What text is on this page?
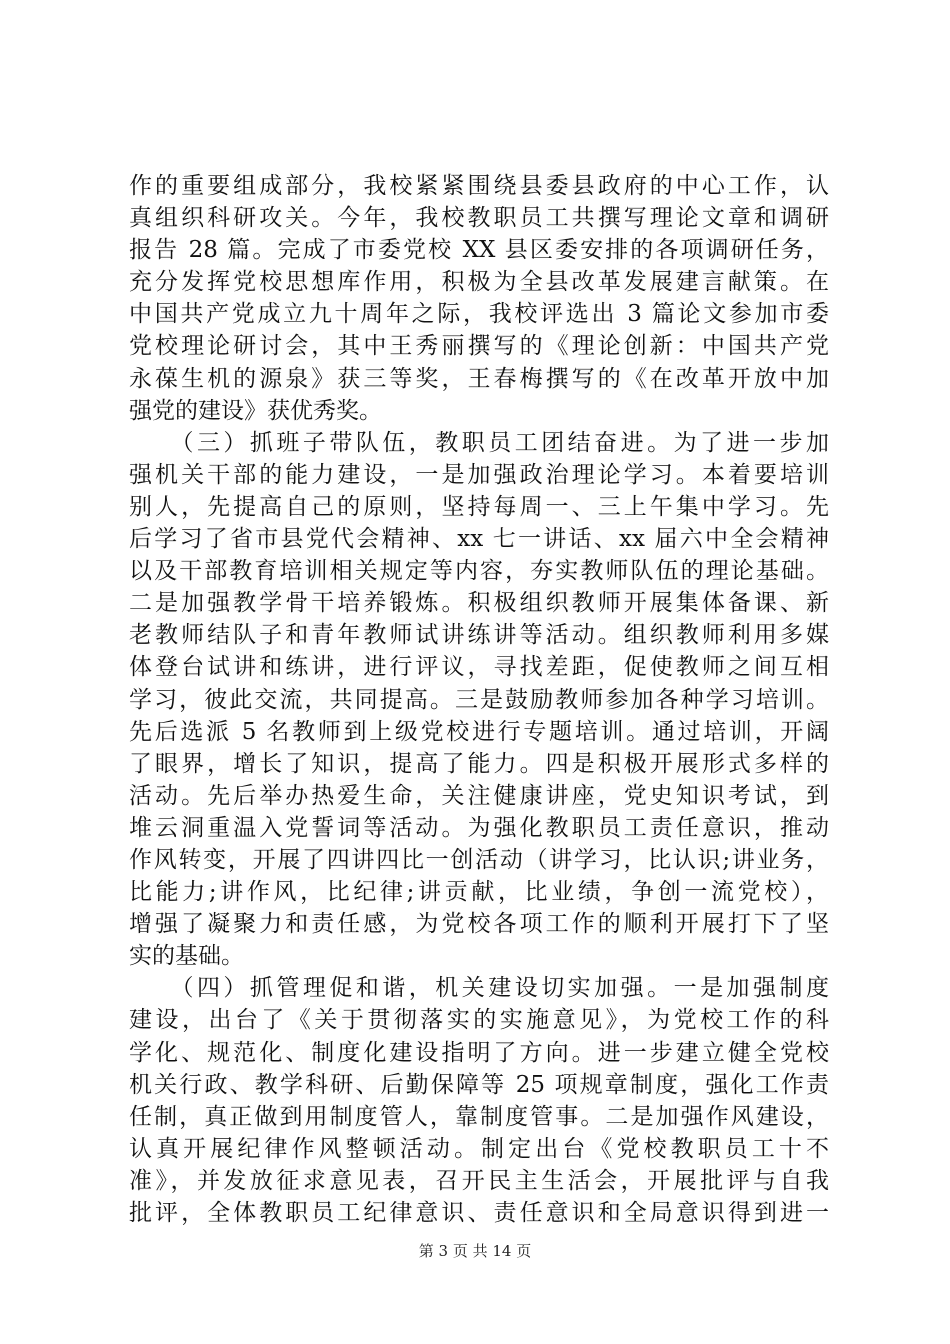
作的重要组成部分，我校紧紧围绕县委县政府的中心工作，认
真组织科研攻关。今年，我校教职员工共撰写理论文章和调研
报告 28 篇。完成了市委党校 XX 县区委安排的各项调研任务，
充分发挥党校思想库作用，积极为全县改革发展建言献策。在
中国共产党成立九十周年之际，我校评选出 3 篇论文参加市委
党校理论研讨会，其中王秀丽撰写的《理论创新：中国共产党
永葆生机的源泉》获三等奖，王春梅撰写的《在改革开放中加
强党的建设》获优秀奖。
　　（三）抓班子带队伍，教职员工团结奋进。为了进一步加
强机关干部的能力建设，一是加强政治理论学习。本着要培训
别人，先提高自己的原则，坚持每周一、三上午集中学习。先
后学习了省市县党代会精神、xx 七一讲话、xx 届六中全会精神
以及干部教育培训相关规定等内容，夯实教师队伍的理论基础。
二是加强教学骨干培养锻炼。积极组织教师开展集体备课、新
老教师结队子和青年教师试讲练讲等活动。组织教师利用多媒
体登台试讲和练讲，进行评议，寻找差距，促使教师之间互相
学习，彼此交流，共同提高。三是鼓励教师参加各种学习培训。
先后选派 5 名教师到上级党校进行专题培训。通过培训，开阔
了眼界，增长了知识，提高了能力。四是积极开展形式多样的
活动。先后举办热爱生命，关注健康讲座，党史知识考试，到
堆云洞重温入党誓词等活动。为强化教职员工责任意识，推动
作风转变，开展了四讲四比一创活动（讲学习，比认识;讲业务，
比能力;讲作风，比纪律;讲贡献，比业绩，争创一流党校），
增强了凝聚力和责任感，为党校各项工作的顺利开展打下了坚
实的基础。
　　（四）抓管理促和谐，机关建设切实加强。一是加强制度
建设，出台了《关于贯彻落实的实施意见》，为党校工作的科
学化、规范化、制度化建设指明了方向。进一步建立健全党校
机关行政、教学科研、后勤保障等 25 项规章制度，强化工作责
任制，真正做到用制度管人，靠制度管事。二是加强作风建设，
认真开展纪律作风整顿活动。制定出台《党校教职员工十不
准》，并发放征求意见表，召开民主生活会，开展批评与自我
批评，全体教职员工纪律意识、责任意识和全局意识得到进一
第 3 页 共 14 页
